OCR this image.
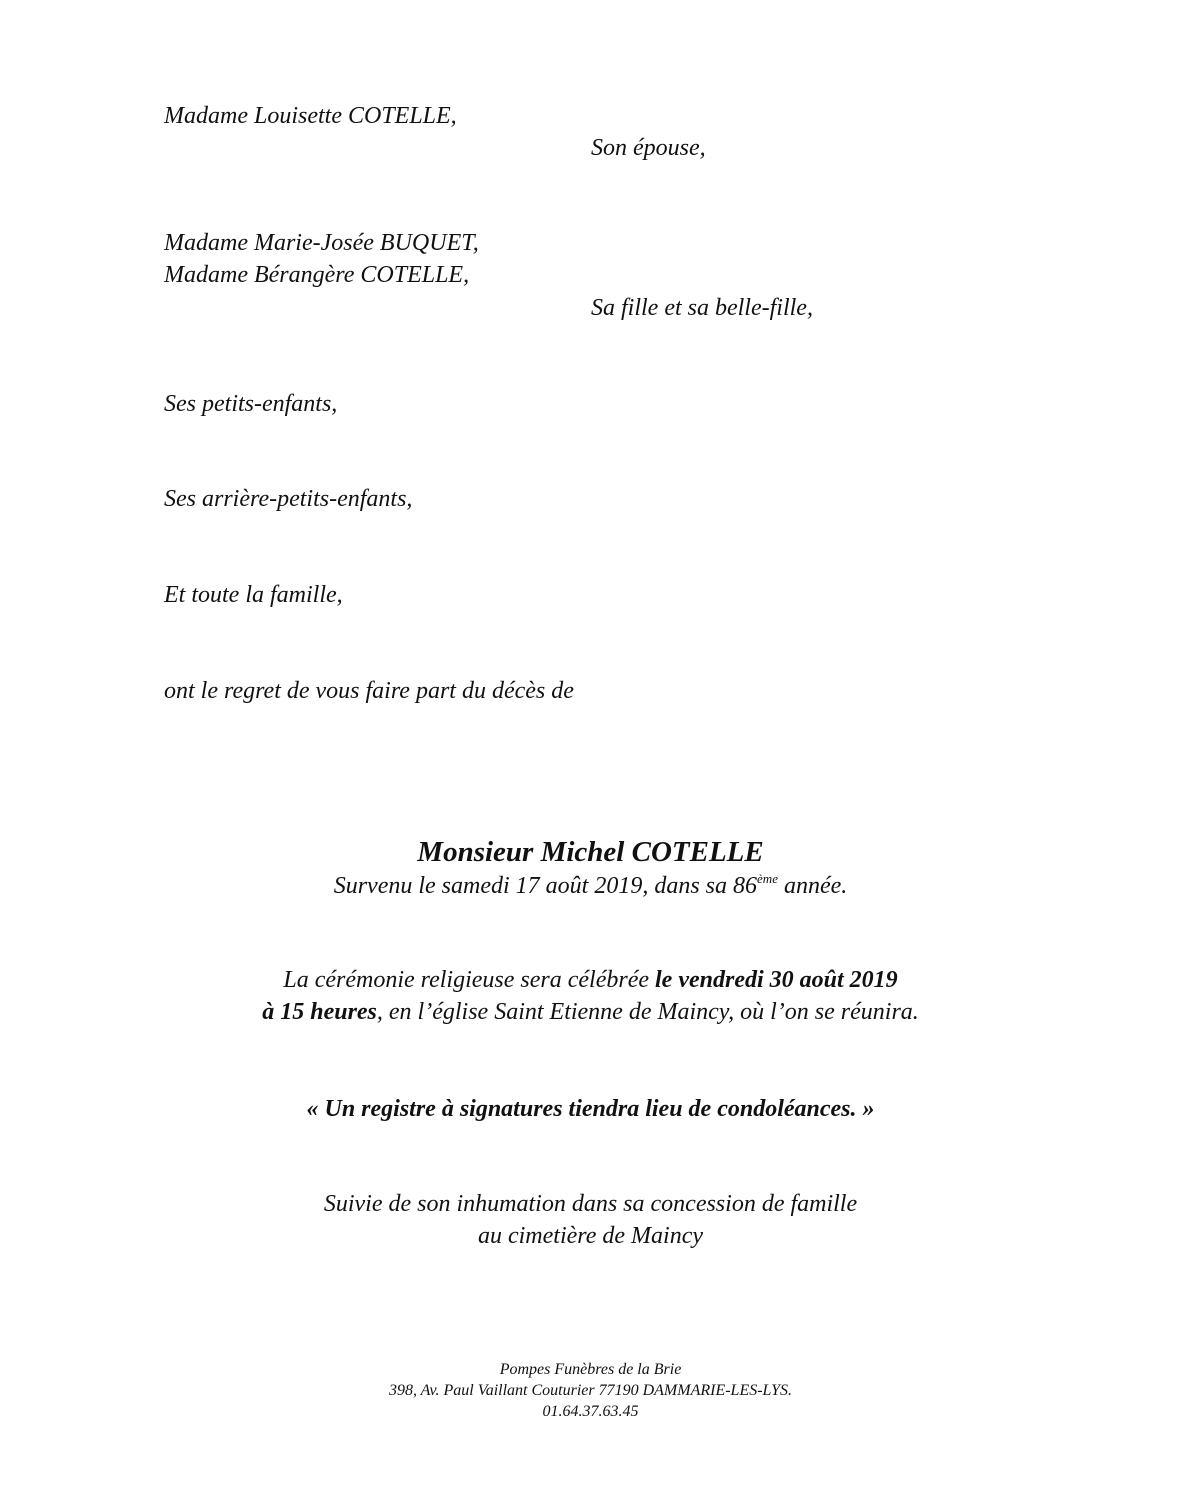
Madame Louisette COTELLE,
Son épouse,
Madame Marie-Josée BUQUET,
Madame Bérangère COTELLE,
Sa fille et sa belle-fille,
Ses petits-enfants,
Ses arrière-petits-enfants,
Et toute la famille,
ont le regret de vous faire part du décès de
Monsieur Michel COTELLE
Survenu le samedi 17 août 2019, dans sa 86ème année.
La cérémonie religieuse sera célébrée le vendredi 30 août 2019
à 15 heures, en l’église Saint Etienne de Maincy, où l’on se réunira.
« Un registre à signatures tiendra lieu de condoléances. »
Suivie de son inhumation dans sa concession de famille
au cimetière de Maincy
Pompes Funèbres de la Brie
398, Av. Paul Vaillant Couturier 77190 DAMMARIE-LES-LYS.
01.64.37.63.45
